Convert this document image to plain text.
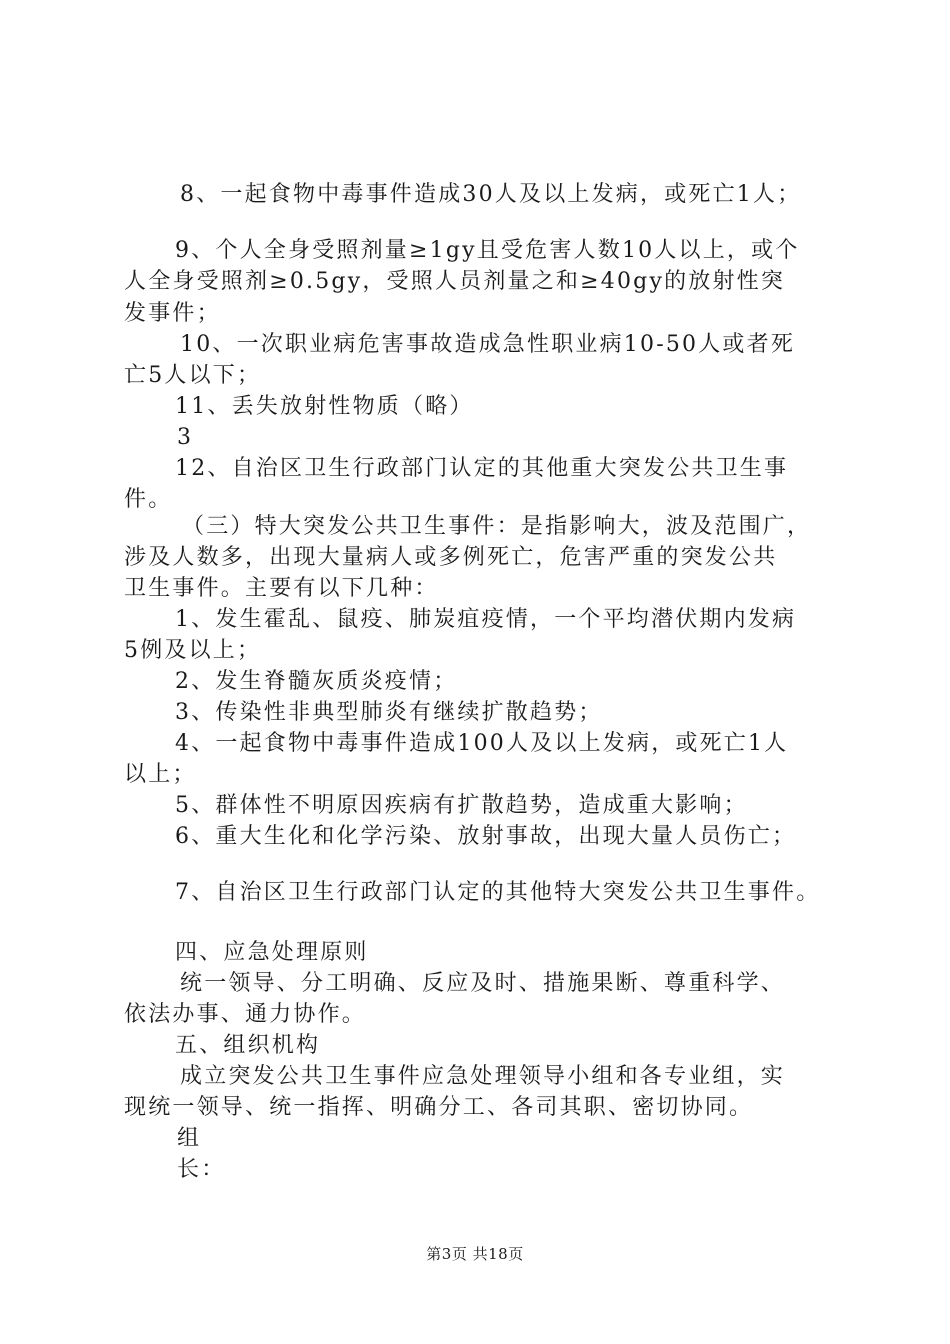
8、一起食物中毒事件造成30人及以上发病，或死亡1人；
9、个人全身受照剂量≥1gy且受危害人数10人以上，或个
人全身受照剂≥0.5gy，受照人员剂量之和≥40gy的放射性突
发事件；
10、一次职业病危害事故造成急性职业病10-50人或者死
亡5人以下；
11、丢失放射性物质（略）
3
12、自治区卫生行政部门认定的其他重大突发公共卫生事
件。
（三）特大突发公共卫生事件：是指影响大，波及范围广，
涉及人数多，出现大量病人或多例死亡，危害严重的突发公共
卫生事件。主要有以下几种：
1、发生霍乱、鼠疫、肺炭疽疫情，一个平均潜伏期内发病
5例及以上；
2、发生脊髓灰质炎疫情；
3、传染性非典型肺炎有继续扩散趋势；
4、一起食物中毒事件造成100人及以上发病，或死亡1人
以上；
5、群体性不明原因疾病有扩散趋势，造成重大影响；
6、重大生化和化学污染、放射事故，出现大量人员伤亡；
7、自治区卫生行政部门认定的其他特大突发公共卫生事件。
四、应急处理原则
统一领导、分工明确、反应及时、措施果断、尊重科学、
依法办事、通力协作。
五、组织机构
成立突发公共卫生事件应急处理领导小组和各专业组，实
现统一领导、统一指挥、明确分工、各司其职、密切协同。
组
长：
第3页 共18页
